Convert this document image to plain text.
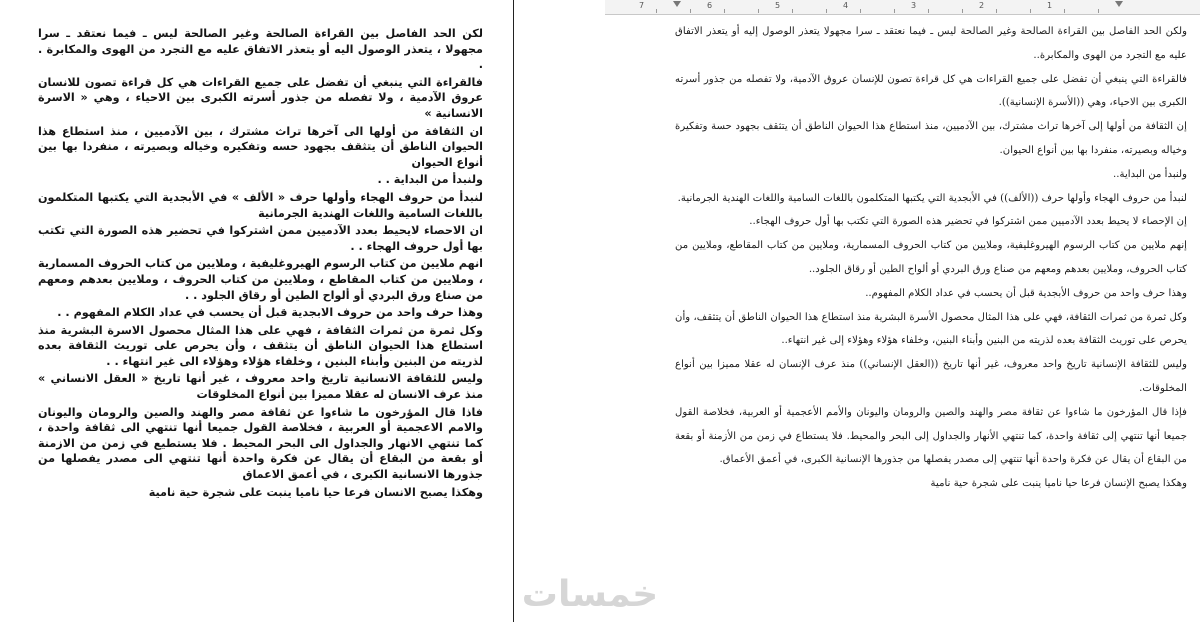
لكن الحد الفاصل بين القراءة الصالحة وغير الصالحة ليس ـ فيما نعتقد ـ سرا مجهولا ، يتعذر الوصول اليه أو يتعذر الاتفاق عليه مع التجرد من الهوى والمكابرة . .

فالقراءة التي ينبغي أن تفضل على جميع القراءات هي كل قراءة تصون للانسان عروق الآدمية ، ولا تفصله من جذور أسرته الكبرى بين الاحياء ، وهي « الاسرة الانسانية »

ان الثقافة من أولها الى آخرها تراث مشترك ، بين الآدميين ، منذ استطاع هذا الحيوان الناطق أن يتثقف بجهود حسه وتفكيره وخياله وبصيرته ، منفردا بها بين أنواع الحيوان

ولنبدأ من البداية . .

لنبدأ من حروف الهجاء وأولها حرف « الألف » في الأبجدية التي يكتبها المتكلمون باللغات السامية واللغات الهندية الجرمانية

ان الاحصاء لايحيط بعدد الآدميين ممن اشتركوا في تحضير هذه الصورة التي تكتب بها أول حروف الهجاء . .

انهم ملايين من كتاب الرسوم الهيروغليفية ، وملايين من كتاب الحروف المسمارية ، وملايين من كتاب المقاطع ، وملايين من كتاب الحروف ، وملايين بعدهم ومعهم من صناع ورق البردي أو ألواح الطين أو رقاق الجلود . .

وهذا حرف واحد من حروف الابجدية قبل أن يحسب في عداد الكلام المفهوم . .

وكل ثمرة من ثمرات الثقافة ، فهي على هذا المثال محصول الاسرة البشرية منذ استطاع هذا الحيوان الناطق أن يتثقف ، وأن يحرص على توريث الثقافة بعده لذريته من البنين وأبناء البنين ، وخلفاء هؤلاء وهؤلاء الى غير انتهاء . .

وليس للثقافة الانسانية تاريخ واحد معروف ، غير أنها تاريخ « العقل الانساني » منذ عرف الانسان له عقلا مميزا بين أنواع المخلوقات

فاذا قال المؤرخون ما شاءوا عن ثقافة مصر والهند والصين والرومان واليونان والامم الاعجمية أو العربية ، فخلاصة القول جميعا أنها تنتهي الى ثقافة واحدة ، كما تنتهي الانهار والجداول الى البحر المحيط . فلا يستطيع في زمن من الازمنة أو بقعة من البقاع أن يقال عن فكرة واحدة أنها تنتهي الى مصدر يفصلها من جذورها الانسانية الكبرى ، في أعمق الاعماق

وهكذا يصبح الانسان فرعا حيا ناميا ينبت على شجرة حية نامية

7	6	5	4	3	2	1

ولكن الحد الفاصل بين القراءة الصالحة وغير الصالحة ليس ـ فيما نعتقد ـ سرا مجهولا يتعذر الوصول إليه أو يتعذر الاتفاق عليه مع التجرد من الهوى والمكابرة..

فالقراءة التي ينبغي أن تفضل على جميع القراءات هي كل قراءة تصون للإنسان عروق الآدمية، ولا تفصله من جذور أسرته الكبرى بين الاحياء، وهي ((الأسرة الإنسانية)).

إن الثقافة من أولها إلى آخرها تراث مشترك، بين الآدميين، منذ استطاع هذا الحيوان الناطق أن يتثقف بجهود حسة وتفكيرة وخياله وبصيرته، منفردا بها بين أنواع الحيوان.

ولنبدأ من البداية..

لنبدأ من حروف الهجاء وأولها حرف ((الألف)) في الأبجدية التي يكتبها المتكلمون باللغات السامية واللغات الهندية الجرمانية.

إن الإحصاء لا يحيط بعدد الآدميين ممن اشتركوا في تحضير هذه الصورة التي تكتب بها أول حروف الهجاء..

إنهم ملايين من كتاب الرسوم الهيروغليفية، وملايين من كتاب الحروف المسمارية، وملايين من كتاب المقاطع، وملايين من كتاب الحروف، وملايين بعدهم ومعهم من صناع ورق البردي أو ألواح الطين أو رقاق الجلود..

وهذا حرف واحد من حروف الأبجدية قبل أن يحسب في عداد الكلام المفهوم..

وكل ثمرة من ثمرات الثقافة، فهي على هذا المثال محصول الأسرة البشرية منذ استطاع هذا الحيوان الناطق أن يتثقف، وأن يحرص على توريث الثقافة بعده لذريته من البنين وأبناء البنين، وخلفاء هؤلاء وهؤلاء إلى غير انتهاء..

وليس للثقافة الإنسانية تاريخ واحد معروف، غير أنها تاريخ ((العقل الإنساني)) منذ عرف الإنسان له عقلا مميزا بين أنواع المخلوقات.

فإذا قال المؤرخون ما شاءوا عن ثقافة مصر والهند والصين والرومان واليونان والأمم الأعجمية أو العربية، فخلاصة القول جميعا أنها تنتهي إلى ثقافة واحدة، كما تنتهي الأنهار والجداول إلى البحر والمحيط. فلا يستطاع في زمن من الأزمنة أو بقعة من البقاع أن يقال عن فكرة واحدة أنها تنتهي إلى مصدر يفصلها من جذورها الإنسانية الكبرى، في أعمق الأعماق.

وهكذا يصبح الإنسان فرعا حيا ناميا ينبت على شجرة حية نامية

خمسات
